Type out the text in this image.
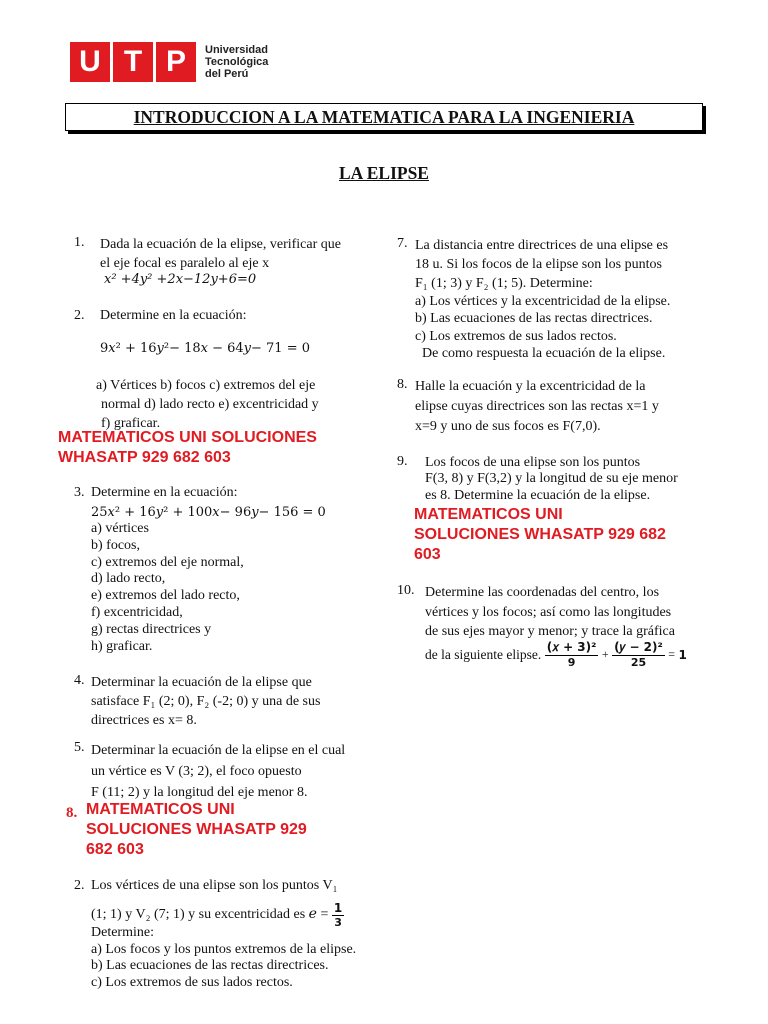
U T P	Universidad
Tecnológica
del Perú
INTRODUCCION A LA MATEMATICA PARA LA INGENIERIA
LA ELIPSE
1. Dada la ecuación de la elipse, verificar que
el eje focal es paralelo al eje x
x² +4y² +2x−12y+6=0
2. Determine en la ecuación:
9𝑥² + 16𝑦²− 18𝑥 − 64𝑦− 71 = 0
a) Vértices b) focos c) extremos del eje
normal d) lado recto e) excentricidad y
f) graficar.
MATEMATICOS UNI SOLUCIONES
WHASATP 929 682 603
3. Determine en la ecuación:
25𝑥² + 16𝑦² + 100𝑥− 96𝑦− 156 = 0
a) vértices
b) focos,
c) extremos del eje normal,
d) lado recto,
e) extremos del lado recto,
f) excentricidad,
g) rectas directrices y
h) graficar.
4. Determinar la ecuación de la elipse que
satisface F₁ (2; 0), F₂ (-2; 0) y una de sus
directrices es x= 8.
5. Determinar la ecuación de la elipse en el cual
un vértice es V (3; 2), el foco opuesto
F (11; 2) y la longitud del eje menor 8.
8. MATEMATICOS UNI
SOLUCIONES WHASATP 929
682 603
2. Los vértices de una elipse son los puntos V₁
(1; 1) y V₂ (7; 1) y su excentricidad es 𝑒 = $\frac{1}{3}$
Determine:
a) Los focos y los puntos extremos de la elipse.
b) Las ecuaciones de las rectas directrices.
c) Los extremos de sus lados rectos.
7. La distancia entre directrices de una elipse es
18 u. Si los focos de la elipse son los puntos
F₁ (1; 3) y F₂ (1; 5). Determine:
a) Los vértices y la excentricidad de la elipse.
b) Las ecuaciones de las rectas directrices.
c) Los extremos de sus lados rectos.
De como respuesta la ecuación de la elipse.
8. Halle la ecuación y la excentricidad de la
elipse cuyas directrices son las rectas x=1 y
x=9 y uno de sus focos es F(7,0).
9. Los focos de una elipse son los puntos
F(3, 8) y F(3,2) y la longitud de su eje menor
es 8. Determine la ecuación de la elipse.
MATEMATICOS UNI
SOLUCIONES WHASATP 929 682
603
10. Determine las coordenadas del centro, los
vértices y los focos; así como las longitudes
de sus ejes mayor y menor; y trace la gráfica
de la siguiente elipse. $\frac{\text{(𝑥 + 3)²}}{9} + \frac{\text{(𝑦 − 2)²}}{25} = 1$
